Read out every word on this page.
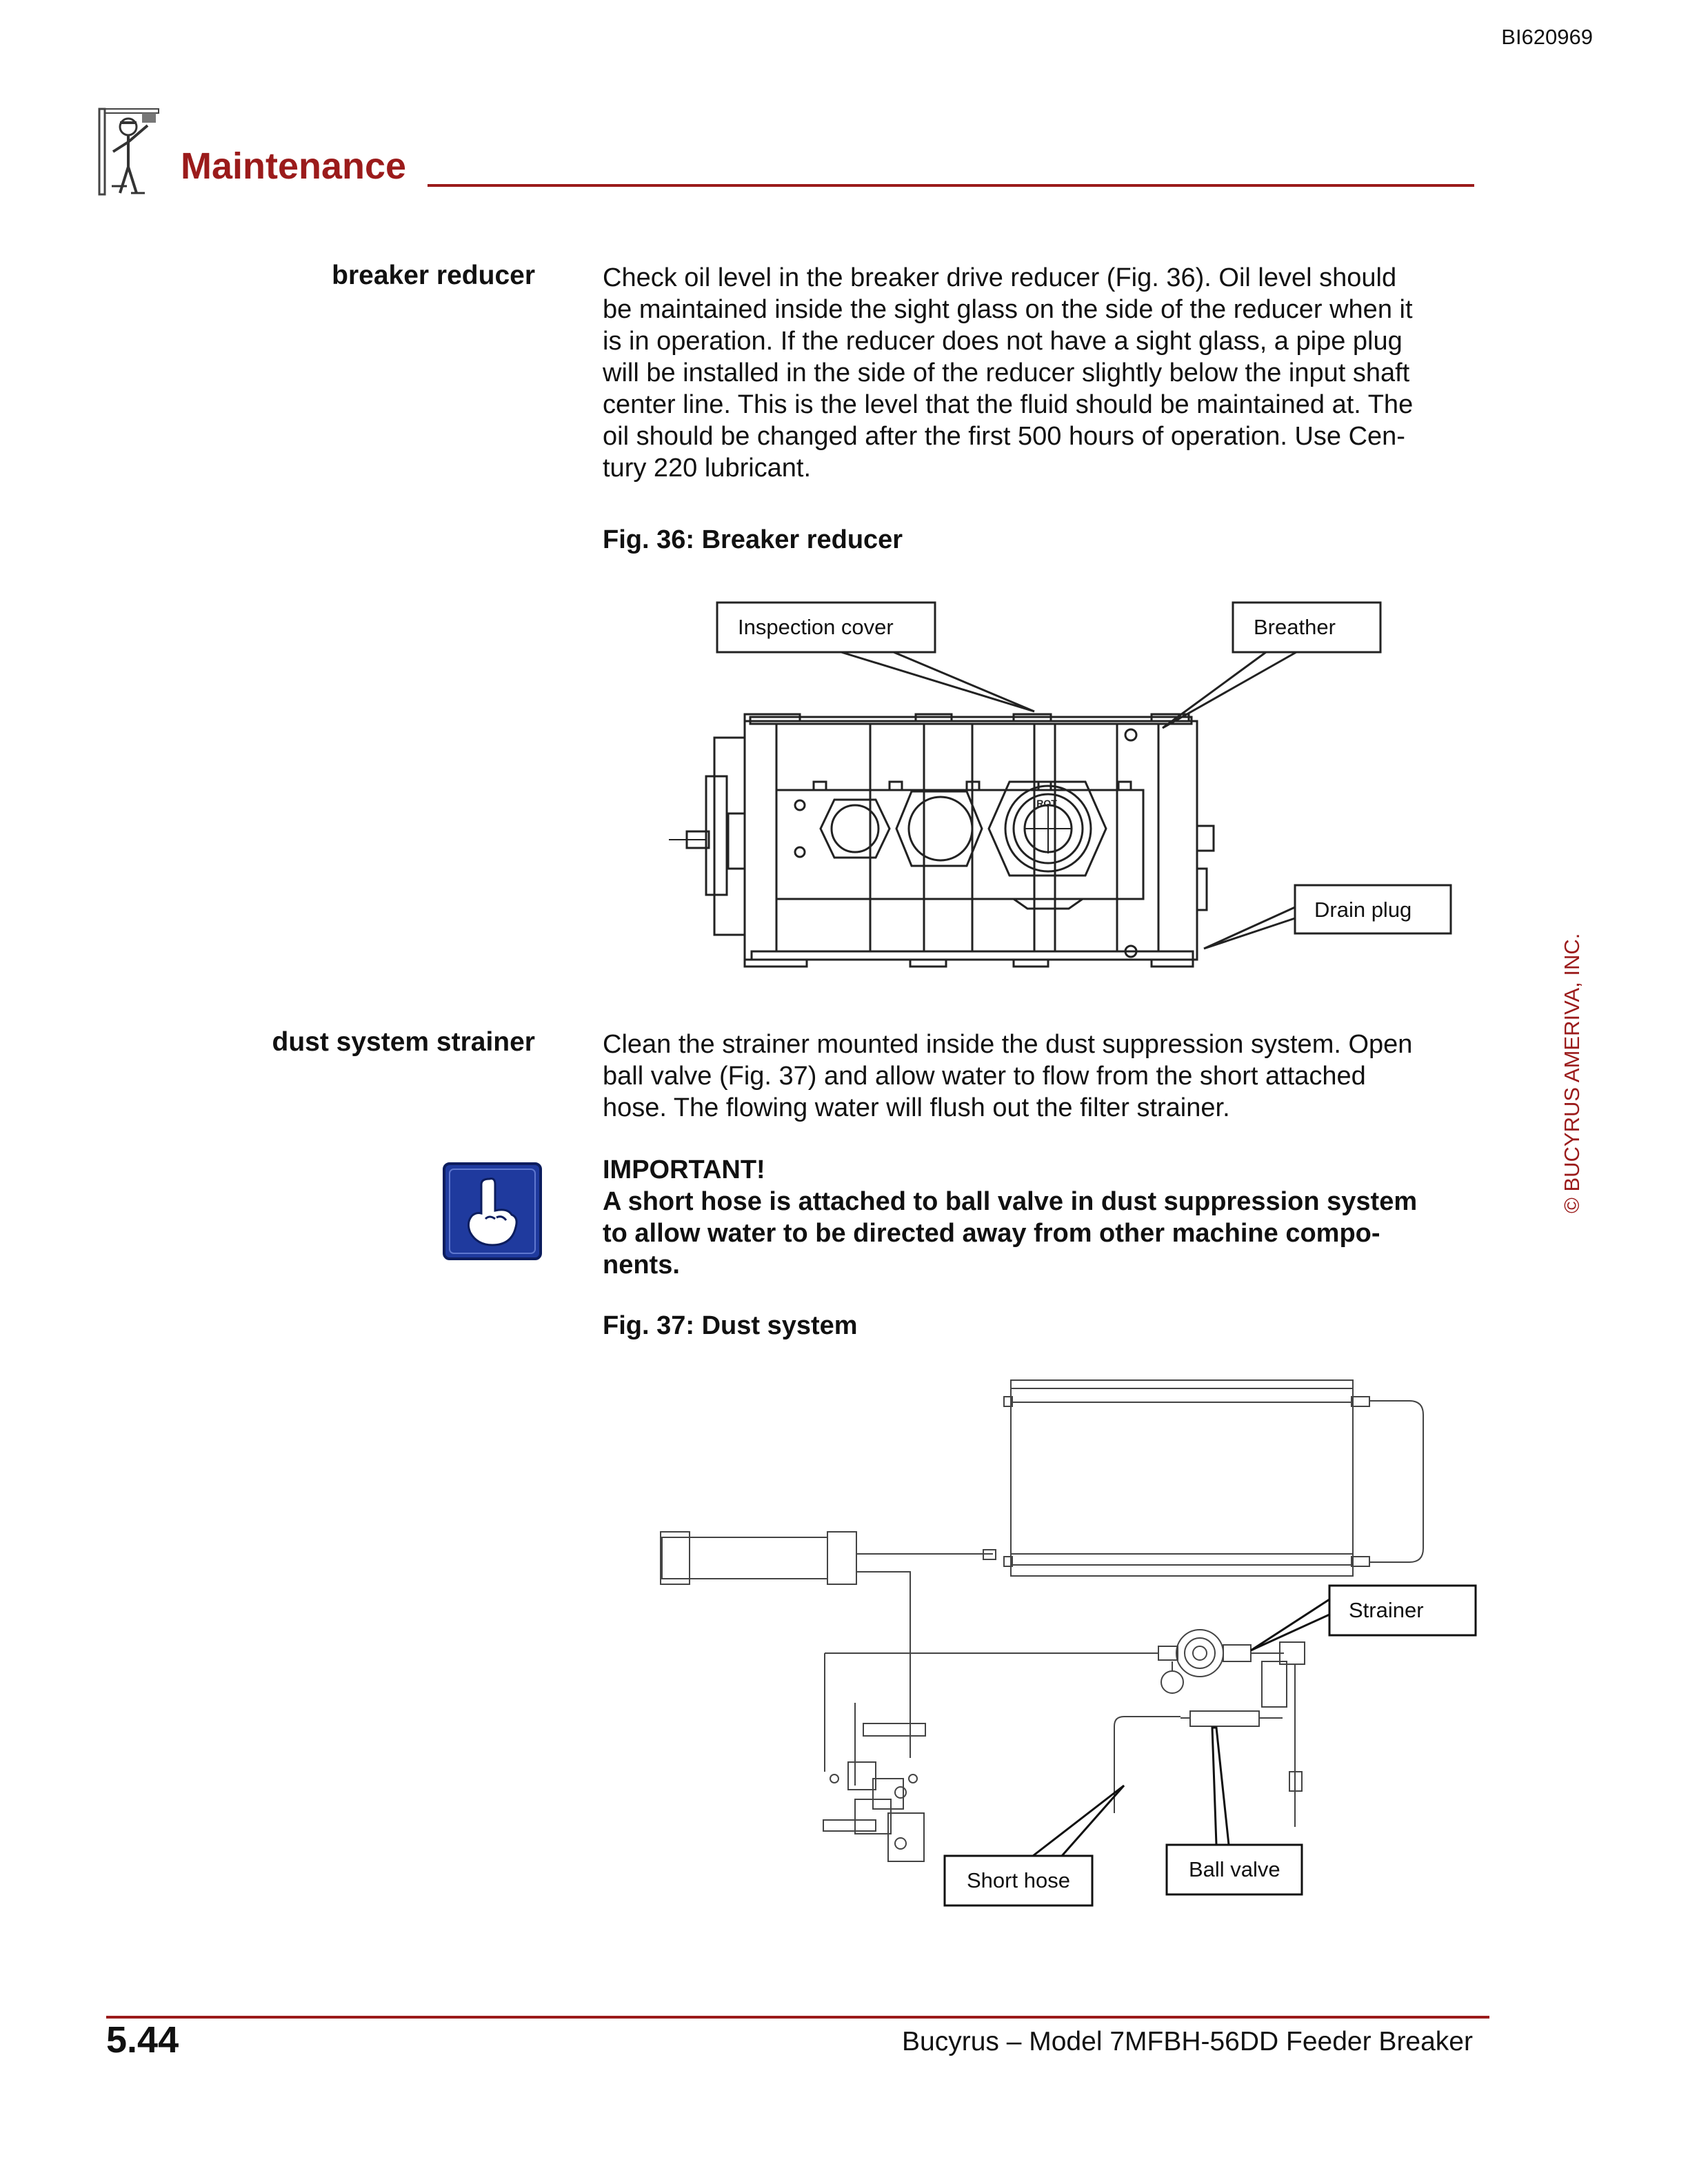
BI620969
Maintenance
breaker reducer	Check oil level in the breaker drive reducer (Fig. 36). Oil level should
be maintained inside the sight glass on the side of the reducer when it
is in operation. If the reducer does not have a sight glass, a pipe plug
will be installed in the side of the reducer slightly below the input shaft
center line. This is the level that the fluid should be maintained at. The
oil should be changed after the first 500 hours of operation. Use Cen-
tury 220 lubricant.
Fig. 36: Breaker reducer
ROT
Inspection cover	Breather
Drain plug
dust system strainer	Clean the strainer mounted inside the dust suppression system. Open
ball valve (Fig. 37) and allow water to flow from the short attached
hose. The flowing water will flush out the filter strainer.
IMPORTANT!
A short hose is attached to ball valve in dust suppression system
to allow water to be directed away from other machine compo-
nents.
Fig. 37: Dust system
Strainer
Short hose	Ball valve
© BUCYRUS AMERIVA, INC.
5.44	Bucyrus – Model 7MFBH-56DD Feeder Breaker
